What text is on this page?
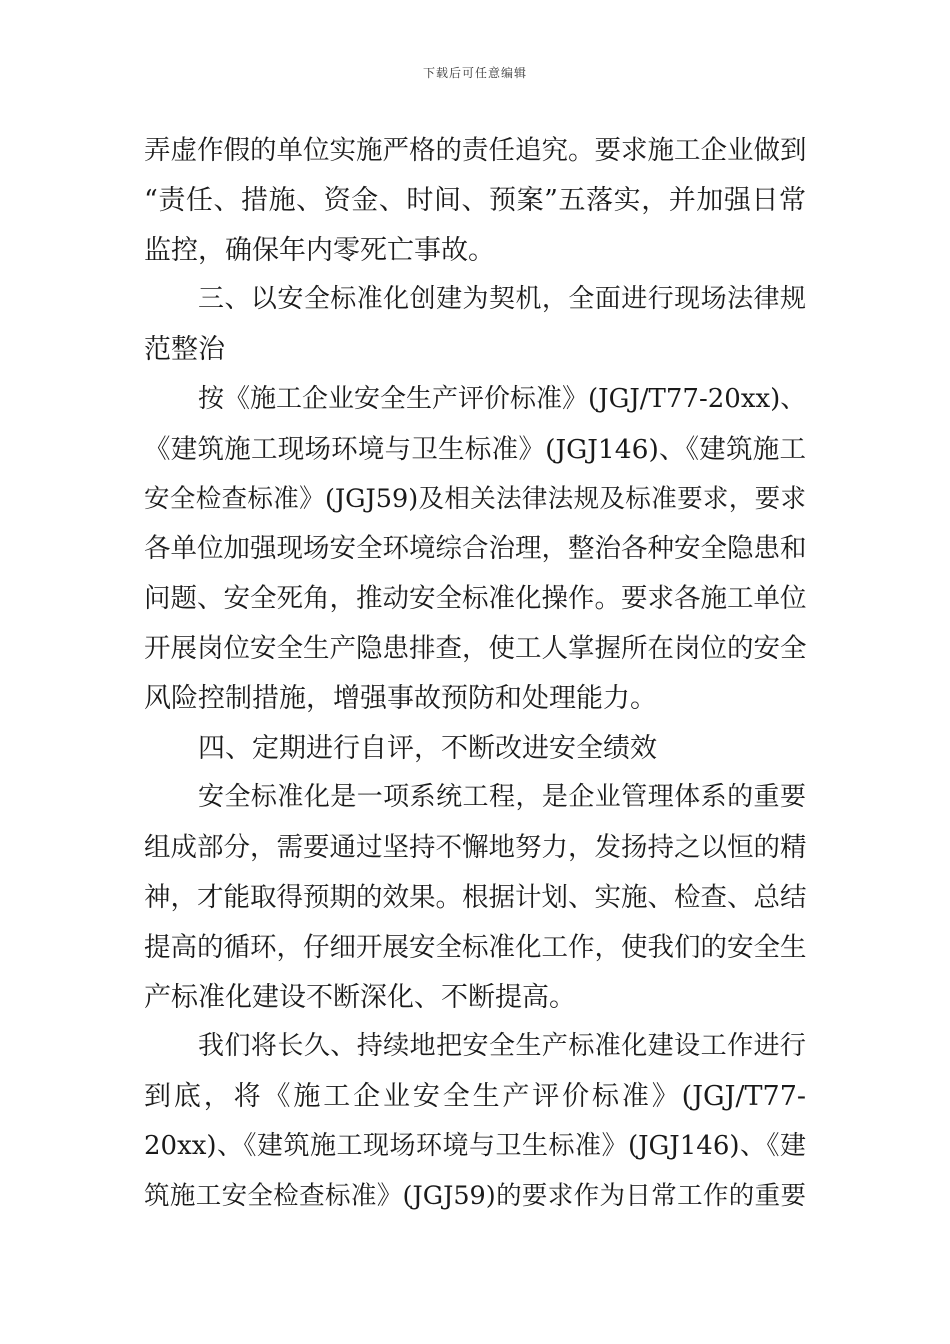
下载后可任意编辑
弄虚作假的单位实施严格的责任追究。要求施工企业做到
“责任、措施、资金、时间、预案”五落实，并加强日常
监控，确保年内零死亡事故。
三、以安全标准化创建为契机，全面进行现场法律规
范整治
按《施工企业安全生产评价标准》(JGJ/T77-20xx)、
《建筑施工现场环境与卫生标准》(JGJ146)、《建筑施工
安全检查标准》(JGJ59)及相关法律法规及标准要求，要求
各单位加强现场安全环境综合治理，整治各种安全隐患和
问题、安全死角，推动安全标准化操作。要求各施工单位
开展岗位安全生产隐患排查，使工人掌握所在岗位的安全
风险控制措施，增强事故预防和处理能力。
四、定期进行自评，不断改进安全绩效
安全标准化是一项系统工程，是企业管理体系的重要
组成部分，需要通过坚持不懈地努力，发扬持之以恒的精
神，才能取得预期的效果。根据计划、实施、检查、总结
提高的循环，仔细开展安全标准化工作，使我们的安全生
产标准化建设不断深化、不断提高。
我们将长久、持续地把安全生产标准化建设工作进行
到底，将《施工企业安全生产评价标准》(JGJ/T77-
20xx)、《建筑施工现场环境与卫生标准》(JGJ146)、《建
筑施工安全检查标准》(JGJ59)的要求作为日常工作的重要
